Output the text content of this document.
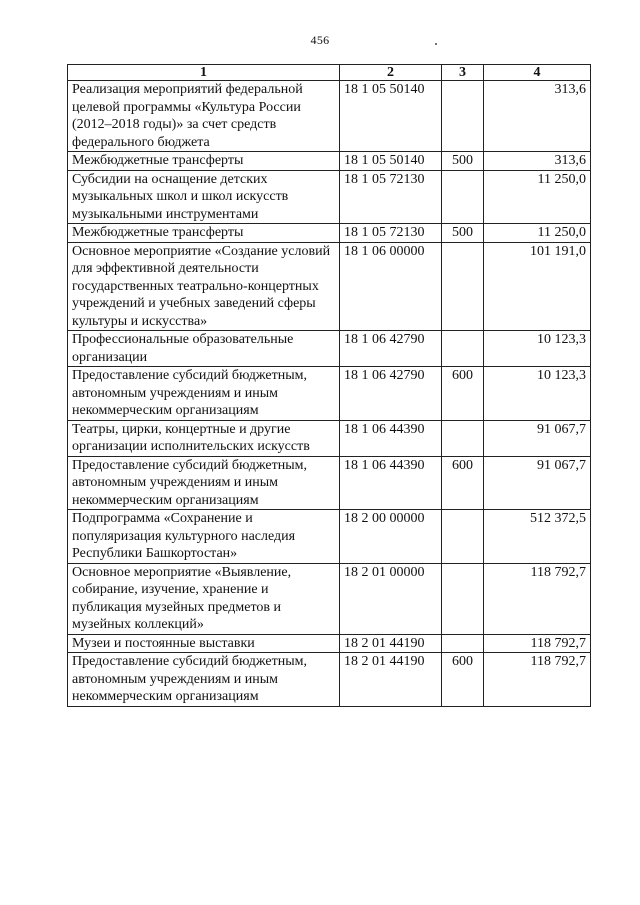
456
1	2	3	4
Реализация мероприятий федеральной целевой программы «Культура России (2012–2018 годы)» за счет средств федерального бюджета	18 1 05 50140		313,6
Межбюджетные трансферты	18 1 05 50140	500	313,6
Субсидии на оснащение детских музыкальных школ и школ искусств музыкальными инструментами	18 1 05 72130		11 250,0
Межбюджетные трансферты	18 1 05 72130	500	11 250,0
Основное мероприятие «Создание условий для эффективной деятельности государственных театрально-концертных учреждений и учебных заведений сферы культуры и искусства»	18 1 06 00000		101 191,0
Профессиональные образовательные организации	18 1 06 42790		10 123,3
Предоставление субсидий бюджетным, автономным учреждениям и иным некоммерческим организациям	18 1 06 42790	600	10 123,3
Театры, цирки, концертные и другие организации исполнительских искусств	18 1 06 44390		91 067,7
Предоставление субсидий бюджетным, автономным учреждениям и иным некоммерческим организациям	18 1 06 44390	600	91 067,7
Подпрограмма «Сохранение и популяризация культурного наследия Республики Башкортостан»	18 2 00 00000		512 372,5
Основное мероприятие «Выявление, собирание, изучение, хранение и публикация музейных предметов и музейных коллекций»	18 2 01 00000		118 792,7
Музеи и постоянные выставки	18 2 01 44190		118 792,7
Предоставление субсидий бюджетным, автономным учреждениям и иным некоммерческим организациям	18 2 01 44190	600	118 792,7
